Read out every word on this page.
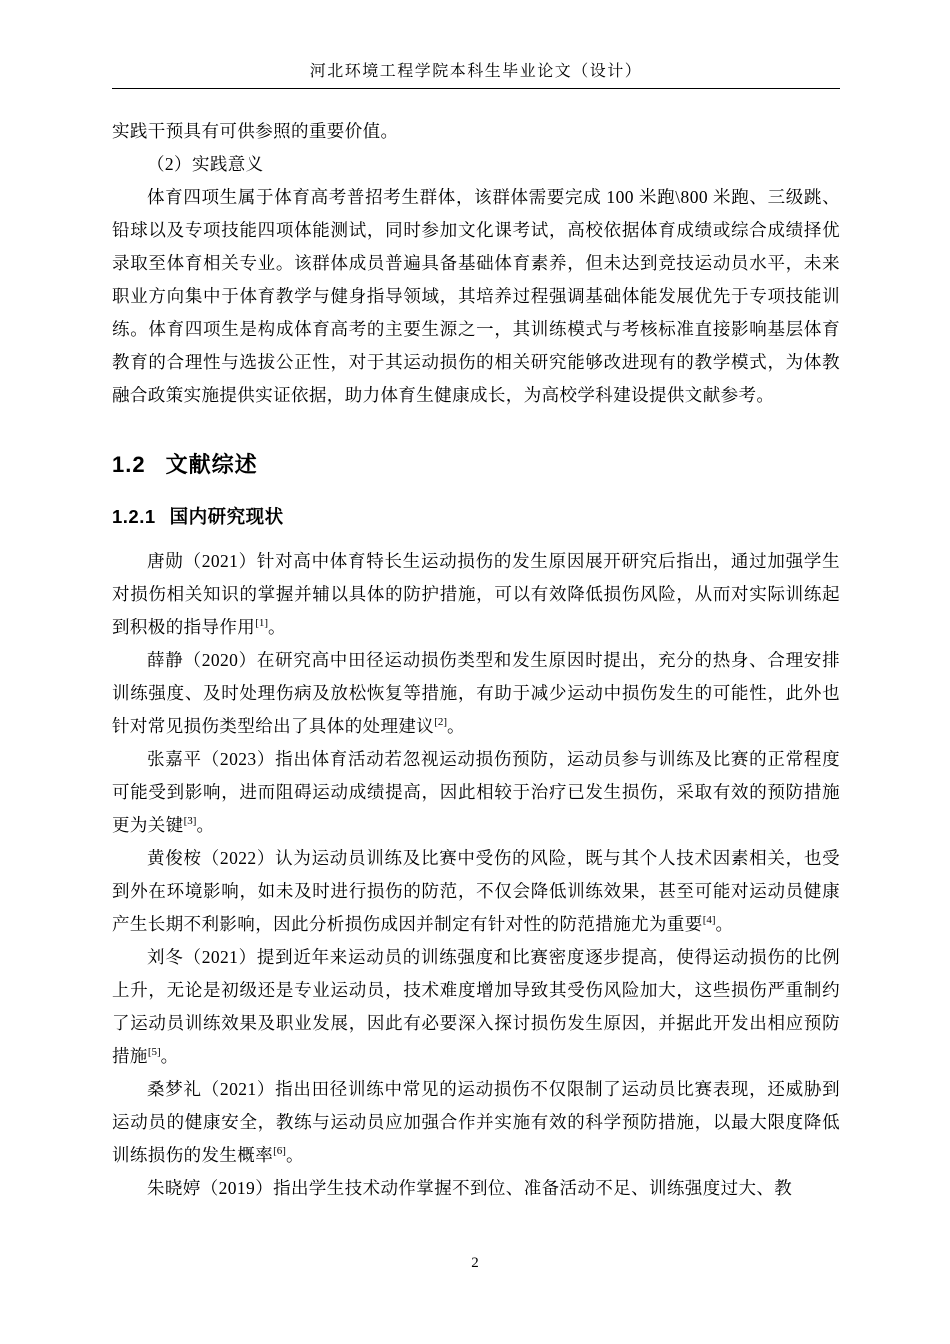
河北环境工程学院本科生毕业论文（设计）

实践干预具有可供参照的重要价值。

（2）实践意义

体育四项生属于体育高考普招考生群体，该群体需要完成 100 米跑\800 米跑、三级跳、铅球以及专项技能四项体能测试，同时参加文化课考试，高校依据体育成绩或综合成绩择优录取至体育相关专业。该群体成员普遍具备基础体育素养，但未达到竞技运动员水平，未来职业方向集中于体育教学与健身指导领域，其培养过程强调基础体能发展优先于专项技能训练。体育四项生是构成体育高考的主要生源之一，其训练模式与考核标准直接影响基层体育教育的合理性与选拔公正性，对于其运动损伤的相关研究能够改进现有的教学模式，为体教融合政策实施提供实证依据，助力体育生健康成长，为高校学科建设提供文献参考。

1.2 文献综述
1.2.1 国内研究现状

唐勋（2021）针对高中体育特长生运动损伤的发生原因展开研究后指出，通过加强学生对损伤相关知识的掌握并辅以具体的防护措施，可以有效降低损伤风险，从而对实际训练起到积极的指导作用[1]。

薛静（2020）在研究高中田径运动损伤类型和发生原因时提出，充分的热身、合理安排训练强度、及时处理伤病及放松恢复等措施，有助于减少运动中损伤发生的可能性，此外也针对常见损伤类型给出了具体的处理建议[2]。

张嘉平（2023）指出体育活动若忽视运动损伤预防，运动员参与训练及比赛的正常程度可能受到影响，进而阻碍运动成绩提高，因此相较于治疗已发生损伤，采取有效的预防措施更为关键[3]。

黄俊桉（2022）认为运动员训练及比赛中受伤的风险，既与其个人技术因素相关，也受到外在环境影响，如未及时进行损伤的防范，不仅会降低训练效果，甚至可能对运动员健康产生长期不利影响，因此分析损伤成因并制定有针对性的防范措施尤为重要[4]。

刘冬（2021）提到近年来运动员的训练强度和比赛密度逐步提高，使得运动损伤的比例上升，无论是初级还是专业运动员，技术难度增加导致其受伤风险加大，这些损伤严重制约了运动员训练效果及职业发展，因此有必要深入探讨损伤发生原因，并据此开发出相应预防措施[5]。

桑梦礼（2021）指出田径训练中常见的运动损伤不仅限制了运动员比赛表现，还威胁到运动员的健康安全，教练与运动员应加强合作并实施有效的科学预防措施，以最大限度降低训练损伤的发生概率[6]。

朱晓婷（2019）指出学生技术动作掌握不到位、准备活动不足、训练强度过大、教

2
